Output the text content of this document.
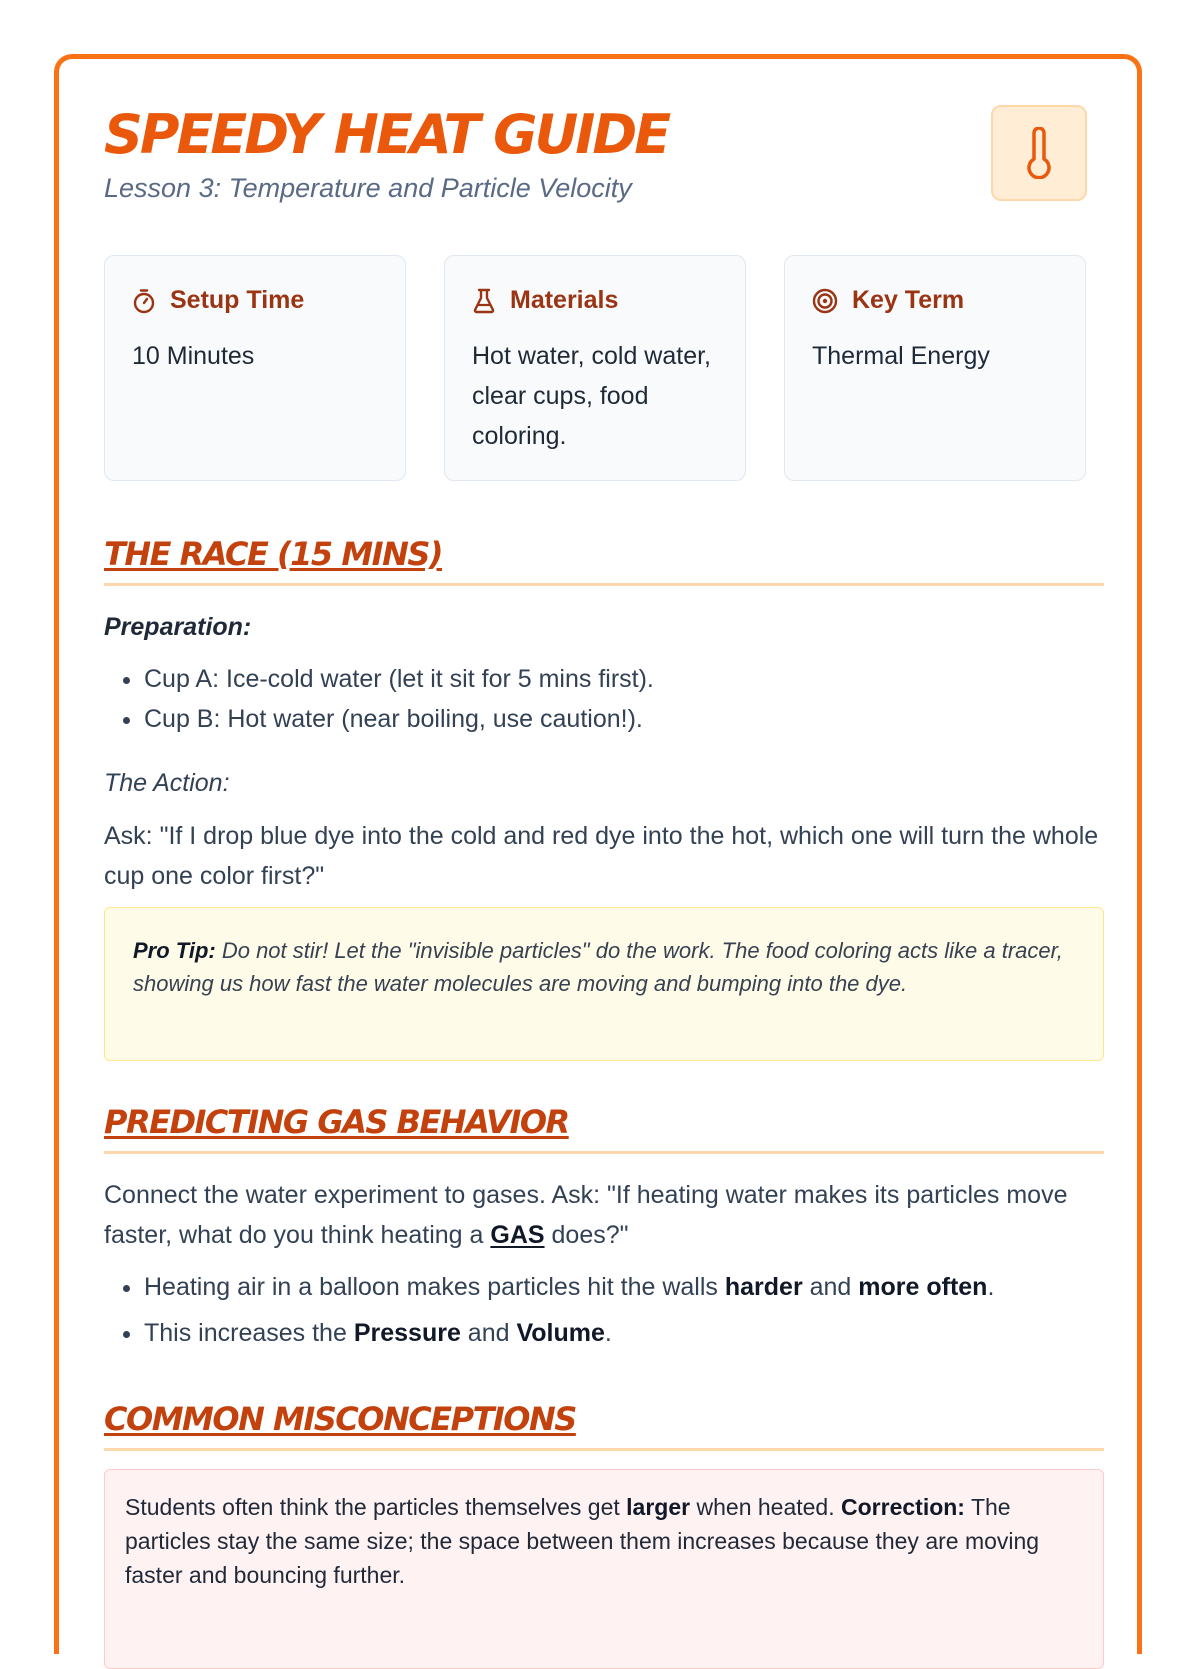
SPEEDY HEAT GUIDE
Lesson 3: Temperature and Particle Velocity
Setup Time
10 Minutes
Materials
Hot water, cold water, clear cups, food coloring.
Key Term
Thermal Energy
THE RACE (15 MINS)
Preparation:
• Cup A: Ice-cold water (let it sit for 5 mins first).
• Cup B: Hot water (near boiling, use caution!).
The Action:
Ask: "If I drop blue dye into the cold and red dye into the hot, which one will turn the whole cup one color first?"
Pro Tip: Do not stir! Let the "invisible particles" do the work. The food coloring acts like a tracer, showing us how fast the water molecules are moving and bumping into the dye.
PREDICTING GAS BEHAVIOR
Connect the water experiment to gases. Ask: "If heating water makes its particles move faster, what do you think heating a GAS does?"
• Heating air in a balloon makes particles hit the walls harder and more often.
• This increases the Pressure and Volume.
COMMON MISCONCEPTIONS
Students often think the particles themselves get larger when heated. Correction: The particles stay the same size; the space between them increases because they are moving faster and bouncing further.
